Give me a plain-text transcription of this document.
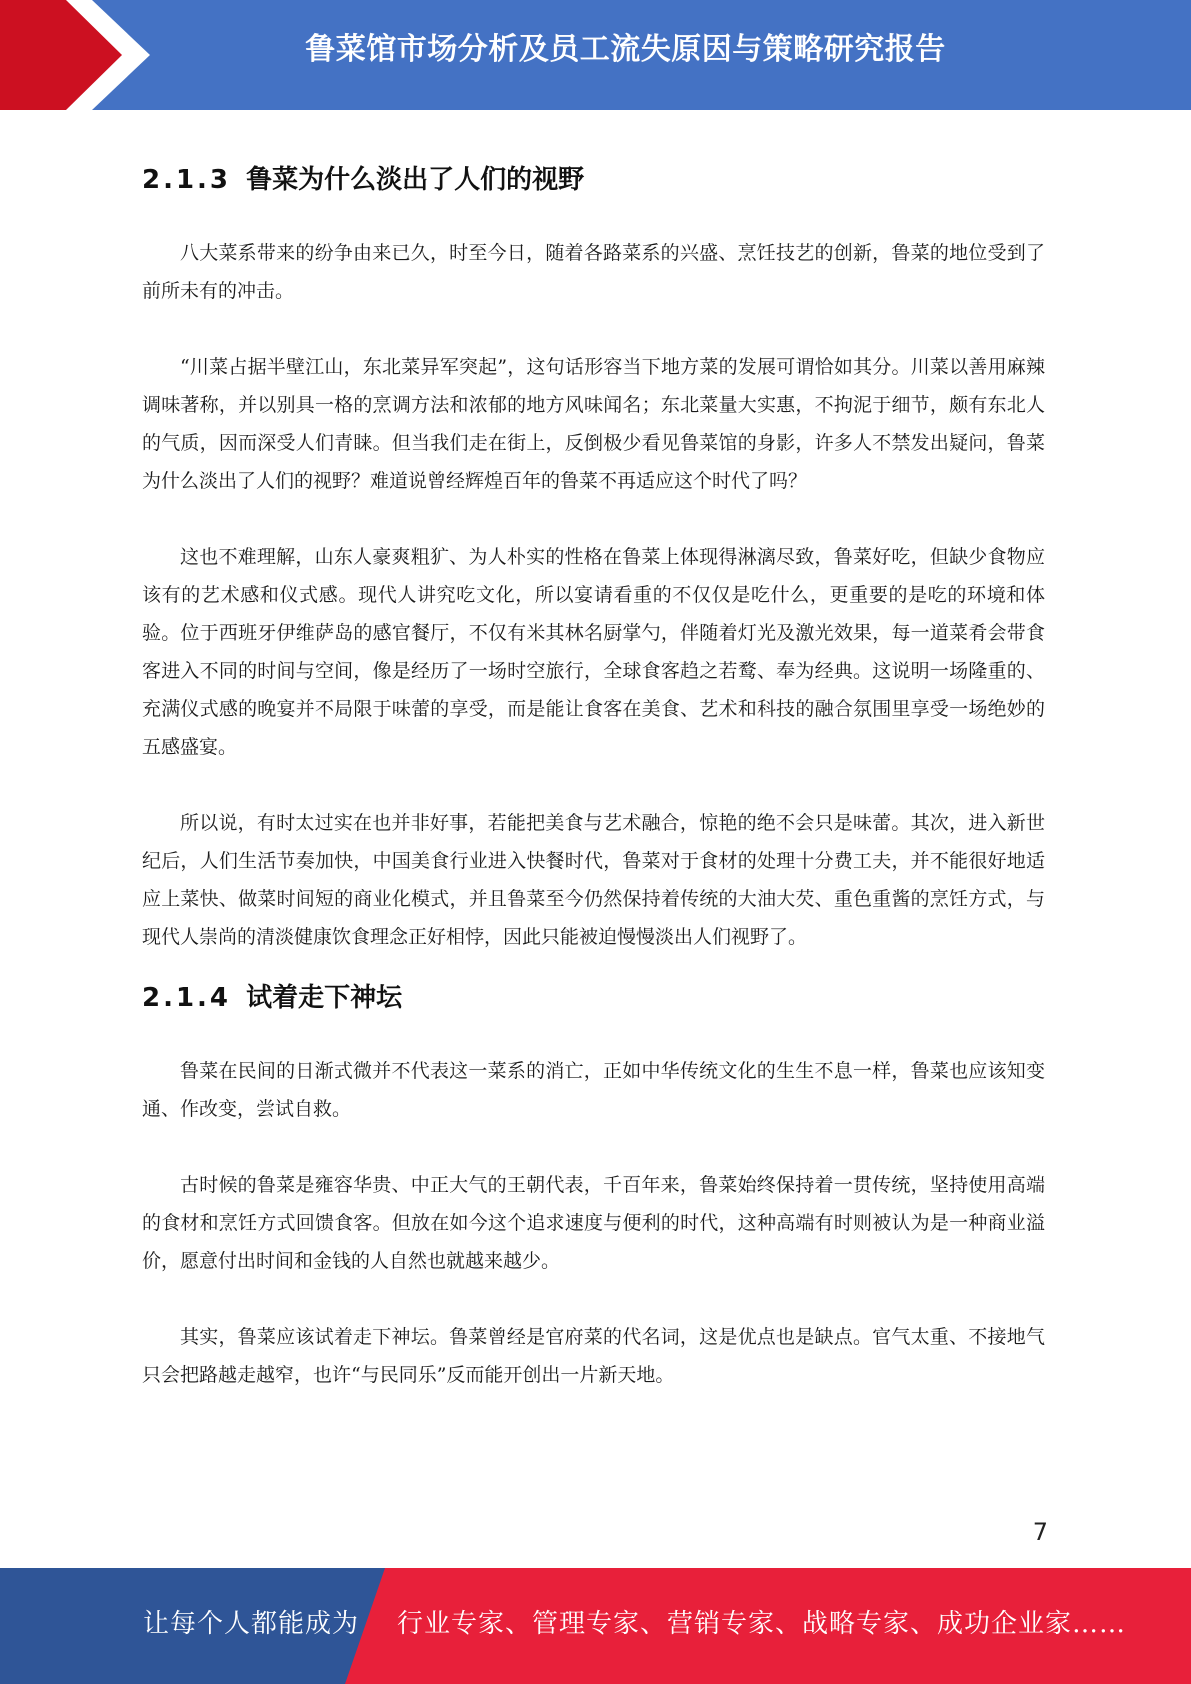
鲁菜馆市场分析及员工流失原因与策略研究报告
2.1.3 鲁菜为什么淡出了人们的视野

八大菜系带来的纷争由来已久，时至今日，随着各路菜系的兴盛、烹饪技艺的创新，鲁菜的地位受到了前所未有的冲击。

“川菜占据半壁江山，东北菜异军突起”，这句话形容当下地方菜的发展可谓恰如其分。川菜以善用麻辣调味著称，并以别具一格的烹调方法和浓郁的地方风味闻名；东北菜量大实惠，不拘泥于细节，颇有东北人的气质，因而深受人们青睐。但当我们走在街上，反倒极少看见鲁菜馆的身影，许多人不禁发出疑问，鲁菜为什么淡出了人们的视野？难道说曾经辉煌百年的鲁菜不再适应这个时代了吗？

这也不难理解，山东人豪爽粗犷、为人朴实的性格在鲁菜上体现得淋漓尽致，鲁菜好吃，但缺少食物应该有的艺术感和仪式感。现代人讲究吃文化，所以宴请看重的不仅仅是吃什么，更重要的是吃的环境和体验。位于西班牙伊维萨岛的感官餐厅，不仅有米其林名厨掌勺，伴随着灯光及激光效果，每一道菜肴会带食客进入不同的时间与空间，像是经历了一场时空旅行，全球食客趋之若鹜、奉为经典。这说明一场隆重的、充满仪式感的晚宴并不局限于味蕾的享受，而是能让食客在美食、艺术和科技的融合氛围里享受一场绝妙的五感盛宴。

所以说，有时太过实在也并非好事，若能把美食与艺术融合，惊艳的绝不会只是味蕾。其次，进入新世纪后，人们生活节奏加快，中国美食行业进入快餐时代，鲁菜对于食材的处理十分费工夫，并不能很好地适应上菜快、做菜时间短的商业化模式，并且鲁菜至今仍然保持着传统的大油大芡、重色重酱的烹饪方式，与现代人崇尚的清淡健康饮食理念正好相悖，因此只能被迫慢慢淡出人们视野了。

2.1.4 试着走下神坛

鲁菜在民间的日渐式微并不代表这一菜系的消亡，正如中华传统文化的生生不息一样，鲁菜也应该知变通、作改变，尝试自救。

古时候的鲁菜是雍容华贵、中正大气的王朝代表，千百年来，鲁菜始终保持着一贯传统，坚持使用高端的食材和烹饪方式回馈食客。但放在如今这个追求速度与便利的时代，这种高端有时则被认为是一种商业溢价，愿意付出时间和金钱的人自然也就越来越少。

其实，鲁菜应该试着走下神坛。鲁菜曾经是官府菜的代名词，这是优点也是缺点。官气太重、不接地气只会把路越走越窄，也许“与民同乐”反而能开创出一片新天地。

7
让每个人都能成为 行业专家、管理专家、营销专家、战略专家、成功企业家……
